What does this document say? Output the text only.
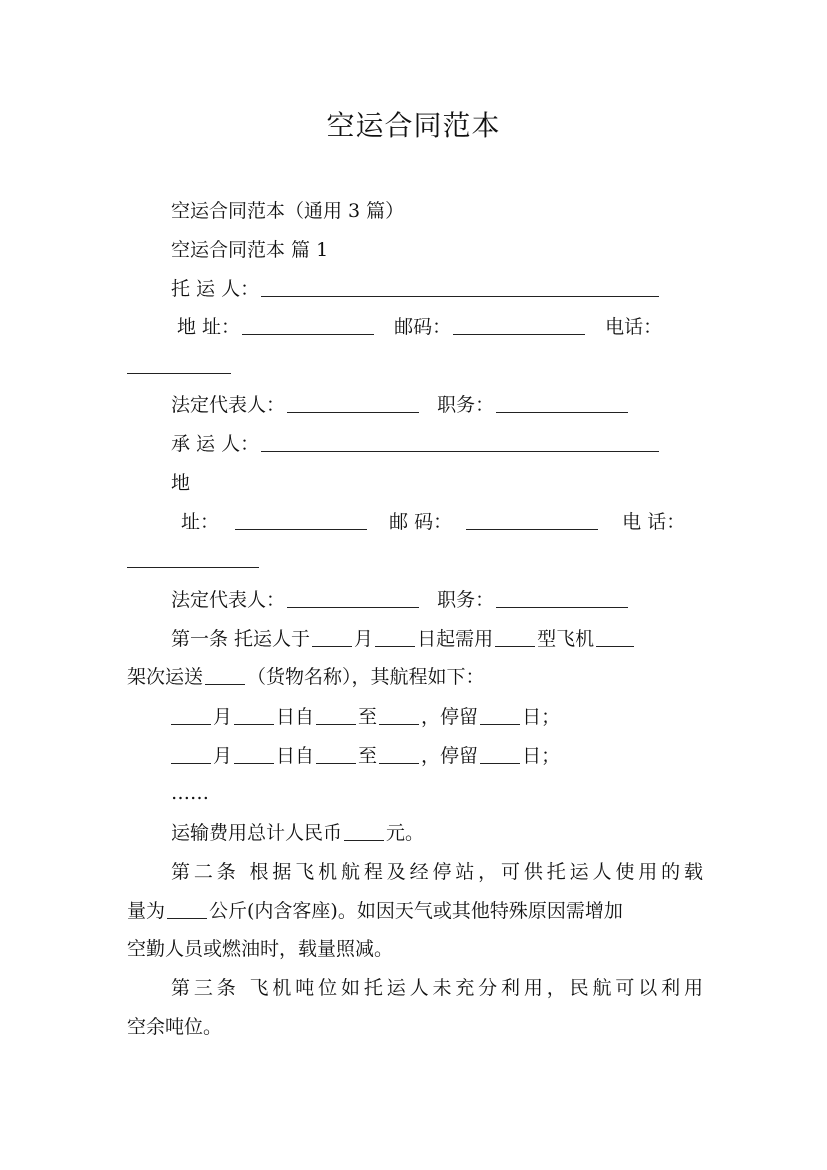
空运合同范本
空运合同范本（通用 3 篇）
空运合同范本 篇 1
托 运 人：
地 址：	邮码：	电话：
法定代表人：	职务：
承 运 人：
地
址：	邮 码：	电 话：
法定代表人：	职务：
第一条 托运人于 月 日起需用 型飞机
架次运送 （货物名称），其航程如下：
月 日自 至 ，停留 日；
月 日自 至 ，停留 日；
……
运输费用总计人民币 元。
第二条 根据飞机航程及经停站，可供托运人使用的载
量为 公斤(内含客座)。如因天气或其他特殊原因需增加
空勤人员或燃油时，载量照减。
第三条 飞机吨位如托运人未充分利用，民航可以利用
空余吨位。
